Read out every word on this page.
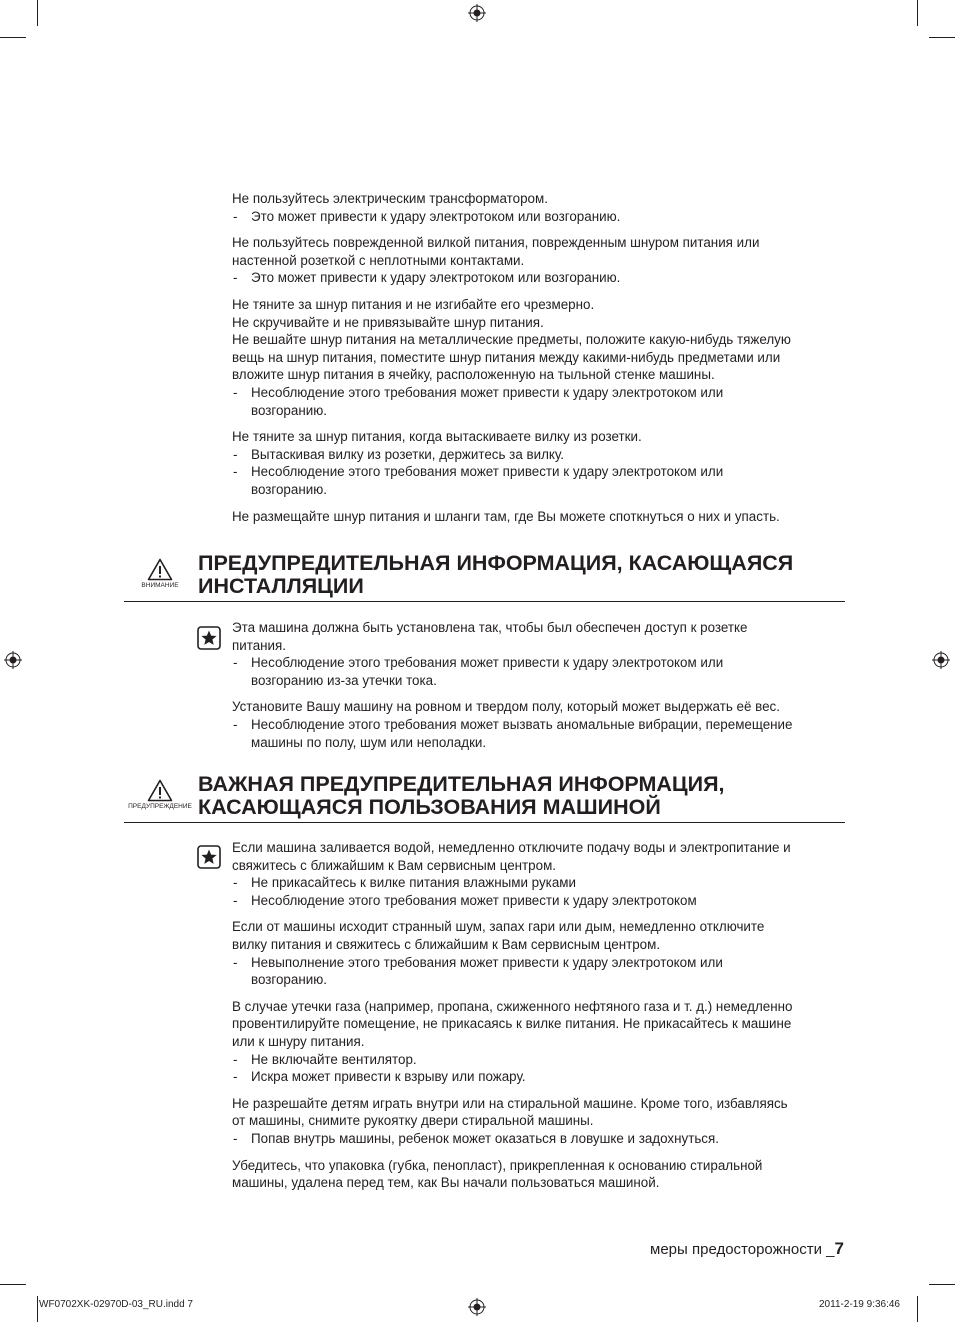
Не пользуйтесь электрическим трансформатором.

- Это может привести к удару электротоком или возгоранию.

Не пользуйтесь поврежденной вилкой питания, поврежденным шнуром питания или

настенной розеткой с неплотными контактами.

- Это может привести к удару электротоком или возгоранию.

Не тяните за шнур питания и не изгибайте его чрезмерно.

Не скручивайте и не привязывайте шнур питания.

Не вешайте шнур питания на металлические предметы, положите какую-нибудь тяжелую

вещь на шнур питания, поместите шнур питания между какими-нибудь предметами или

вложите шнур питания в ячейку, расположенную на тыльной стенке машины.

- Несоблюдение этого требования может привести к удару электротоком или
возгоранию.

Не тяните за шнур питания, когда вытаскиваете вилку из розетки.

- Вытаскивая вилку из розетки, держитесь за вилку.
- Несоблюдение этого требования может привести к удару электротоком или
возгоранию.

Не размещайте шнур питания и шланги там, где Вы можете споткнуться о них и упасть.

ВНИМАНИЕ
ПРЕДУПРЕДИТЕЛЬНАЯ ИНФОРМАЦИЯ, КАСАЮЩАЯСЯ
ИНСТАЛЛЯЦИИ

Эта машина должна быть установлена так, чтобы был обеспечен доступ к розетке

питания.

- Несоблюдение этого требования может привести к удару электротоком или
возгоранию из-за утечки тока.

Установите Вашу машину на ровном и твердом полу, который может выдержать её вес.

- Несоблюдение этого требования может вызвать аномальные вибрации, перемещение
машины по полу, шум или неполадки.
ПРЕДУПРЕЖДЕНИЕ
ВАЖНАЯ ПРЕДУПРЕДИТЕЛЬНАЯ ИНФОРМАЦИЯ,
КАСАЮЩАЯСЯ ПОЛЬЗОВАНИЯ МАШИНОЙ

Если машина заливается водой, немедленно отключите подачу воды и электропитание и

свяжитесь с ближайшим к Вам сервисным центром.

- Не прикасайтесь к вилке питания влажными руками
- Несоблюдение этого требования может привести к удару электротоком

Если от машины исходит странный шум, запах гари или дым, немедленно отключите

вилку питания и свяжитесь с ближайшим к Вам сервисным центром.

- Невыполнение этого требования может привести к удару электротоком или
возгоранию.

В случае утечки газа (например, пропана, сжиженного нефтяного газа и т. д.) немедленно

провентилируйте помещение, не прикасаясь к вилке питания. Не прикасайтесь к машине

или к шнуру питания.

- Не включайте вентилятор.
- Искра может привести к взрыву или пожару.

Не разрешайте детям играть внутри или на стиральной машине. Кроме того, избавляясь

от машины, снимите рукоятку двери стиральной машины.

- Попав внутрь машины, ребенок может оказаться в ловушке и задохнуться.

Убедитесь, что упаковка (губка, пенопласт), прикрепленная к основанию стиральной

машины, удалена перед тем, как Вы начали пользоваться машиной.

меры предосторожности _7
WF0702XK-02970D-03_RU.indd 7	2011-2-19 9:36:46
